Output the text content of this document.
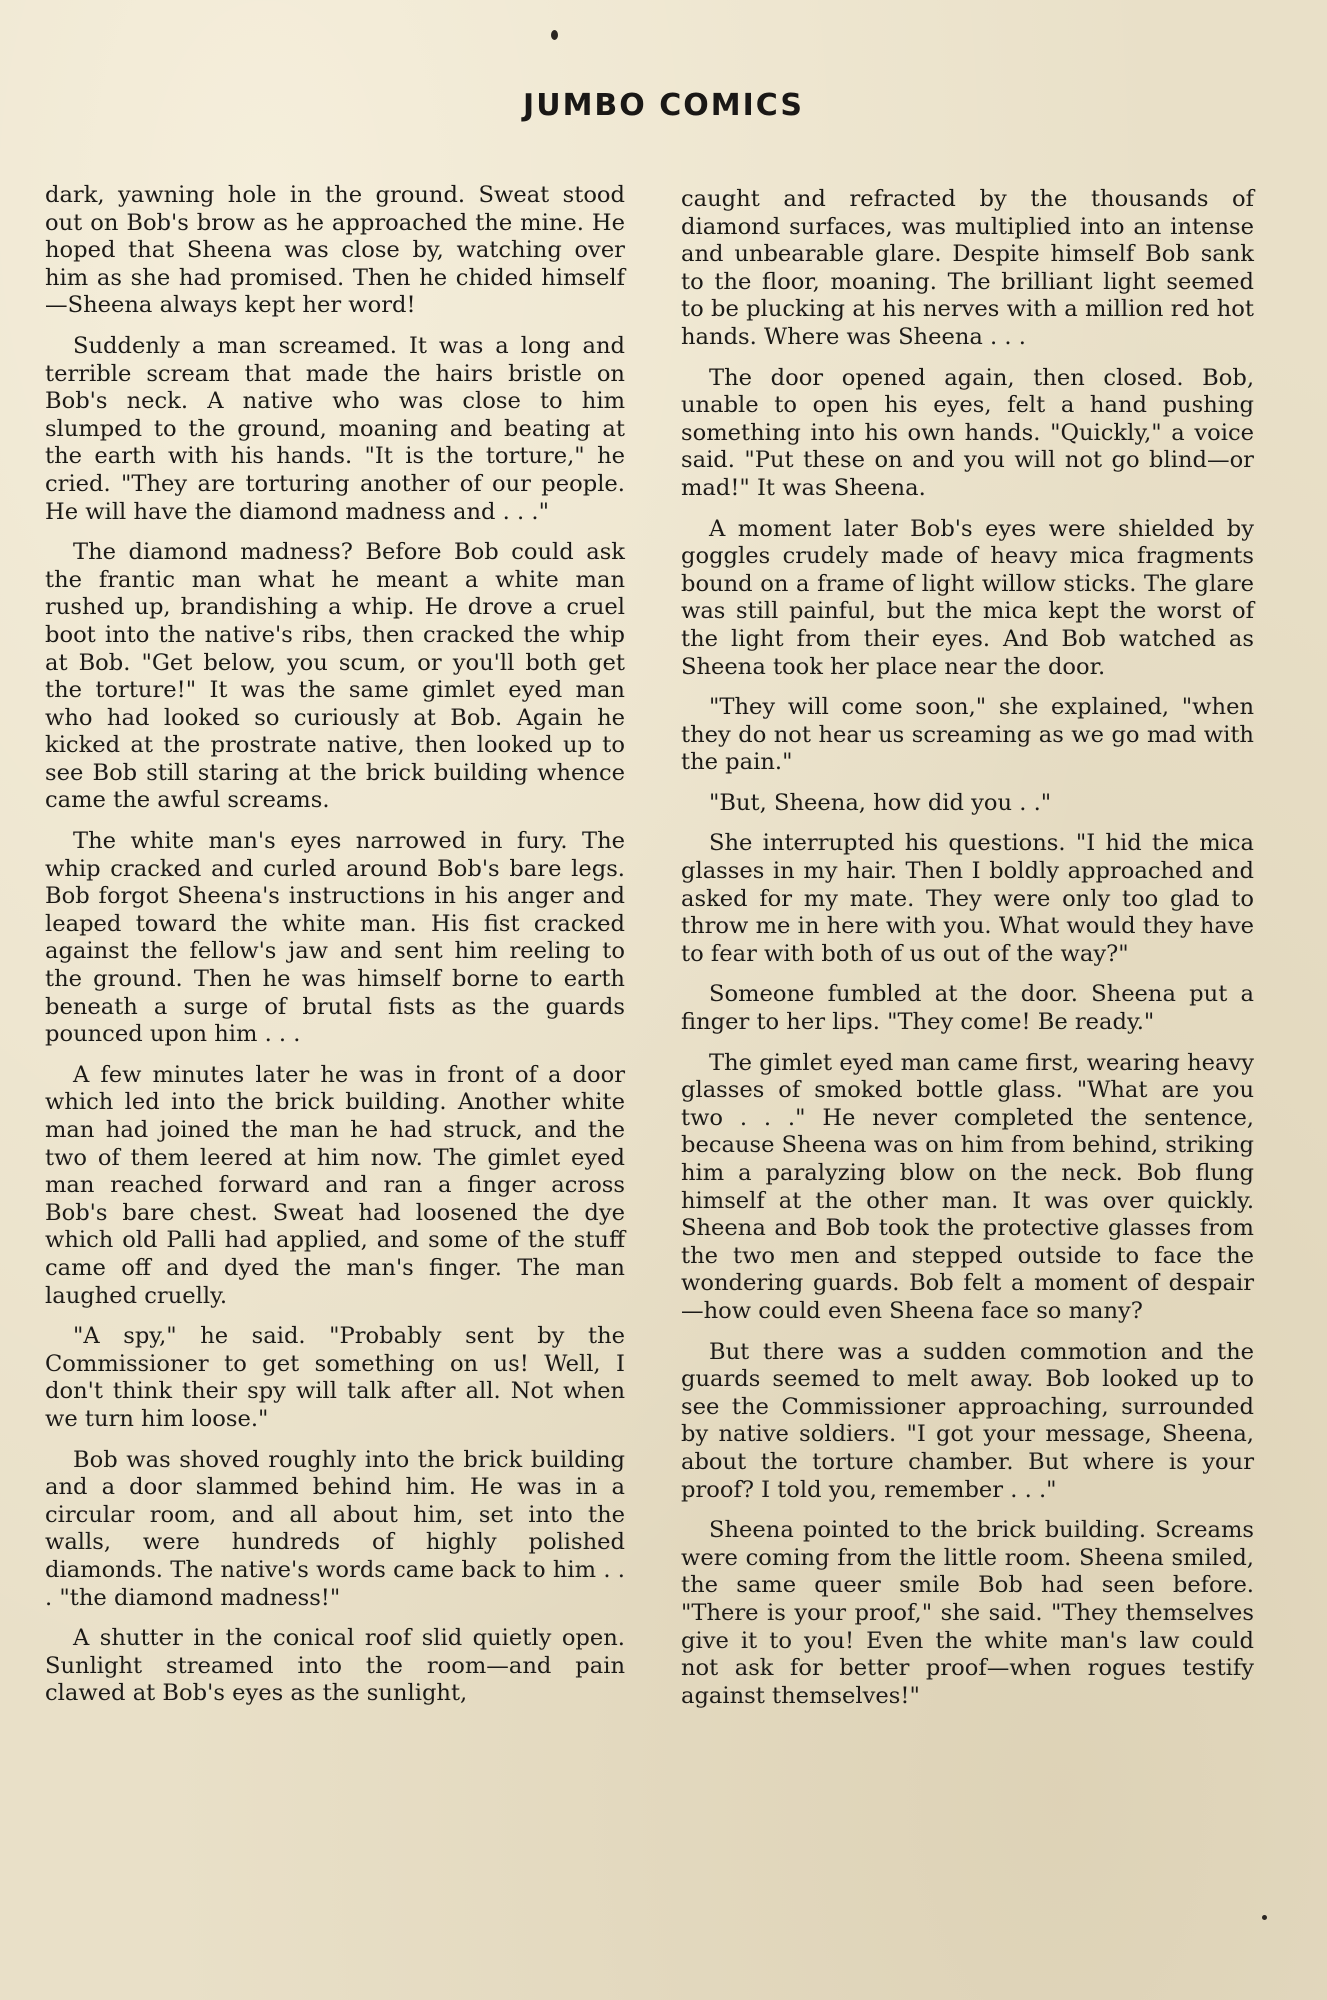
JUMBO COMICS

dark, yawning hole in the ground. Sweat stood out on Bob's brow as he approached the mine. He hoped that Sheena was close by, watching over him as she had promised. Then he chided himself—Sheena always kept her word!

Suddenly a man screamed. It was a long and terrible scream that made the hairs bristle on Bob's neck. A native who was close to him slumped to the ground, moaning and beating at the earth with his hands. "It is the torture," he cried. "They are torturing another of our people. He will have the diamond madness and . . ."

The diamond madness? Before Bob could ask the frantic man what he meant a white man rushed up, brandishing a whip. He drove a cruel boot into the native's ribs, then cracked the whip at Bob. "Get below, you scum, or you'll both get the torture!" It was the same gimlet eyed man who had looked so curiously at Bob. Again he kicked at the prostrate native, then looked up to see Bob still staring at the brick building whence came the awful screams.

The white man's eyes narrowed in fury. The whip cracked and curled around Bob's bare legs. Bob forgot Sheena's instructions in his anger and leaped toward the white man. His fist cracked against the fellow's jaw and sent him reeling to the ground. Then he was himself borne to earth beneath a surge of brutal fists as the guards pounced upon him . . .

A few minutes later he was in front of a door which led into the brick building. Another white man had joined the man he had struck, and the two of them leered at him now. The gimlet eyed man reached forward and ran a finger across Bob's bare chest. Sweat had loosened the dye which old Palli had applied, and some of the stuff came off and dyed the man's finger. The man laughed cruelly.

"A spy," he said. "Probably sent by the Commissioner to get something on us! Well, I don't think their spy will talk after all. Not when we turn him loose."

Bob was shoved roughly into the brick building and a door slammed behind him. He was in a circular room, and all about him, set into the walls, were hundreds of highly polished diamonds. The native's words came back to him . . . "the diamond madness!"

A shutter in the conical roof slid quietly open. Sunlight streamed into the room—and pain clawed at Bob's eyes as the sunlight,

caught and refracted by the thousands of diamond surfaces, was multiplied into an intense and unbearable glare. Despite himself Bob sank to the floor, moaning. The brilliant light seemed to be plucking at his nerves with a million red hot hands. Where was Sheena . . .

The door opened again, then closed. Bob, unable to open his eyes, felt a hand pushing something into his own hands. "Quickly," a voice said. "Put these on and you will not go blind—or mad!" It was Sheena.

A moment later Bob's eyes were shielded by goggles crudely made of heavy mica fragments bound on a frame of light willow sticks. The glare was still painful, but the mica kept the worst of the light from their eyes. And Bob watched as Sheena took her place near the door.

"They will come soon," she explained, "when they do not hear us screaming as we go mad with the pain."

"But, Sheena, how did you . ."

She interrupted his questions. "I hid the mica glasses in my hair. Then I boldly approached and asked for my mate. They were only too glad to throw me in here with you. What would they have to fear with both of us out of the way?"

Someone fumbled at the door. Sheena put a finger to her lips. "They come! Be ready."

The gimlet eyed man came first, wearing heavy glasses of smoked bottle glass. "What are you two . . ." He never completed the sentence, because Sheena was on him from behind, striking him a paralyzing blow on the neck. Bob flung himself at the other man. It was over quickly. Sheena and Bob took the protective glasses from the two men and stepped outside to face the wondering guards. Bob felt a moment of despair—how could even Sheena face so many?

But there was a sudden commotion and the guards seemed to melt away. Bob looked up to see the Commissioner approaching, surrounded by native soldiers. "I got your message, Sheena, about the torture chamber. But where is your proof? I told you, remember . . ."

Sheena pointed to the brick building. Screams were coming from the little room. Sheena smiled, the same queer smile Bob had seen before. "There is your proof," she said. "They themselves give it to you! Even the white man's law could not ask for better proof—when rogues testify against themselves!"
